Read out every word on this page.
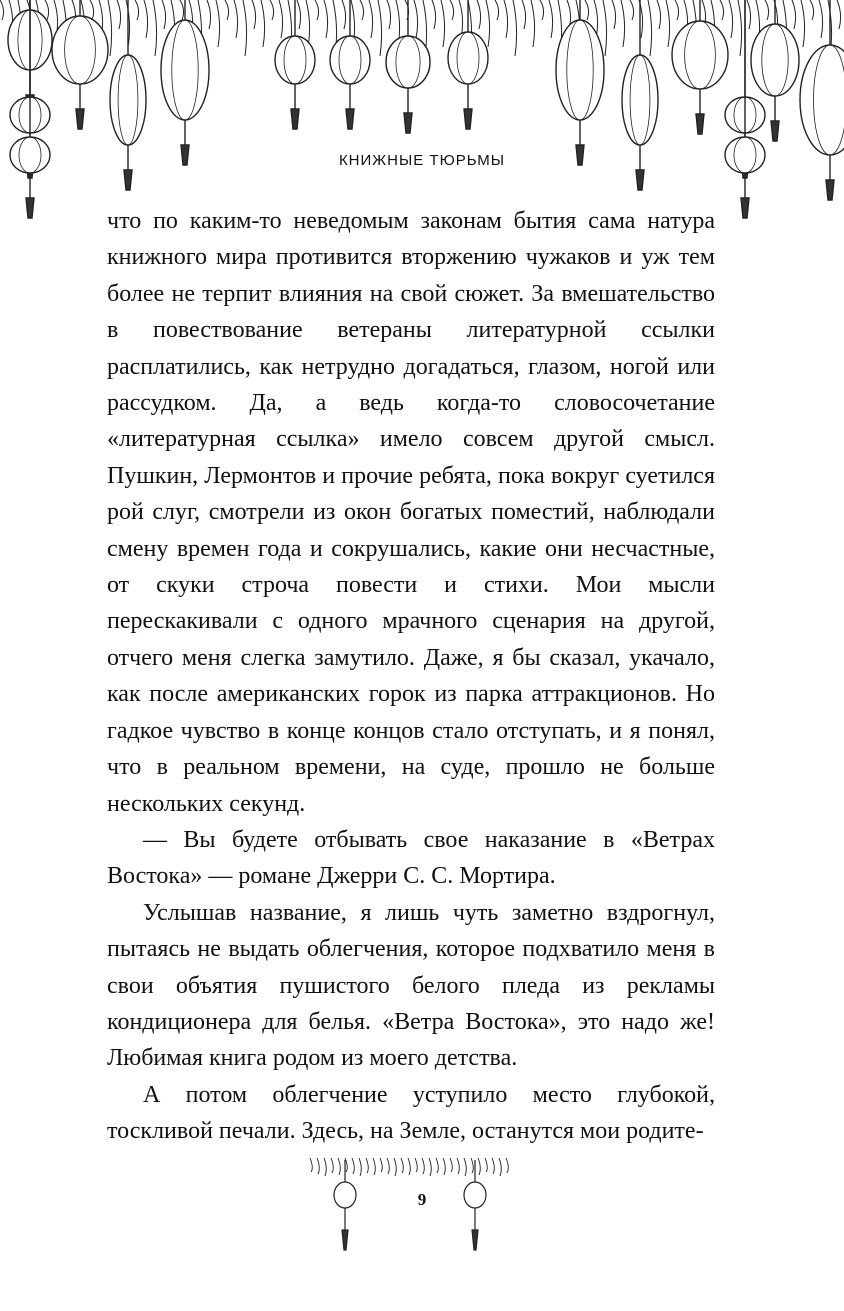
КНИЖНЫЕ ТЮРЬМЫ

что по каким-то неведомым законам бытия сама натура книжного мира противится вторжению чужаков и уж тем более не терпит влияния на свой сюжет. За вмешательство в повествование ветераны литературной ссылки расплатились, как нетрудно догадаться, глазом, ногой или рассудком. Да, а ведь когда-то словосочетание «литературная ссылка» имело совсем другой смысл. Пушкин, Лермонтов и прочие ребята, пока вокруг суетился рой слуг, смотрели из окон богатых поместий, наблюдали смену времен года и сокрушались, какие они несчастные, от скуки строча повести и стихи. Мои мысли перескакивали с одного мрачного сценария на другой, отчего меня слегка замутило. Даже, я бы сказал, укачало, как после американских горок из парка аттракционов. Но гадкое чувство в конце концов стало отступать, и я понял, что в реальном времени, на суде, прошло не больше нескольких секунд.

— Вы будете отбывать свое наказание в «Ветрах Востока» — романе Джерри С. С. Мортира.

Услышав название, я лишь чуть заметно вздрогнул, пытаясь не выдать облегчения, которое подхватило меня в свои объятия пушистого белого пледа из рекламы кондиционера для белья. «Ветра Востока», это надо же! Любимая книга родом из моего детства.

А потом облегчение уступило место глубокой, тоскливой печали. Здесь, на Земле, останутся мои родите-

9
